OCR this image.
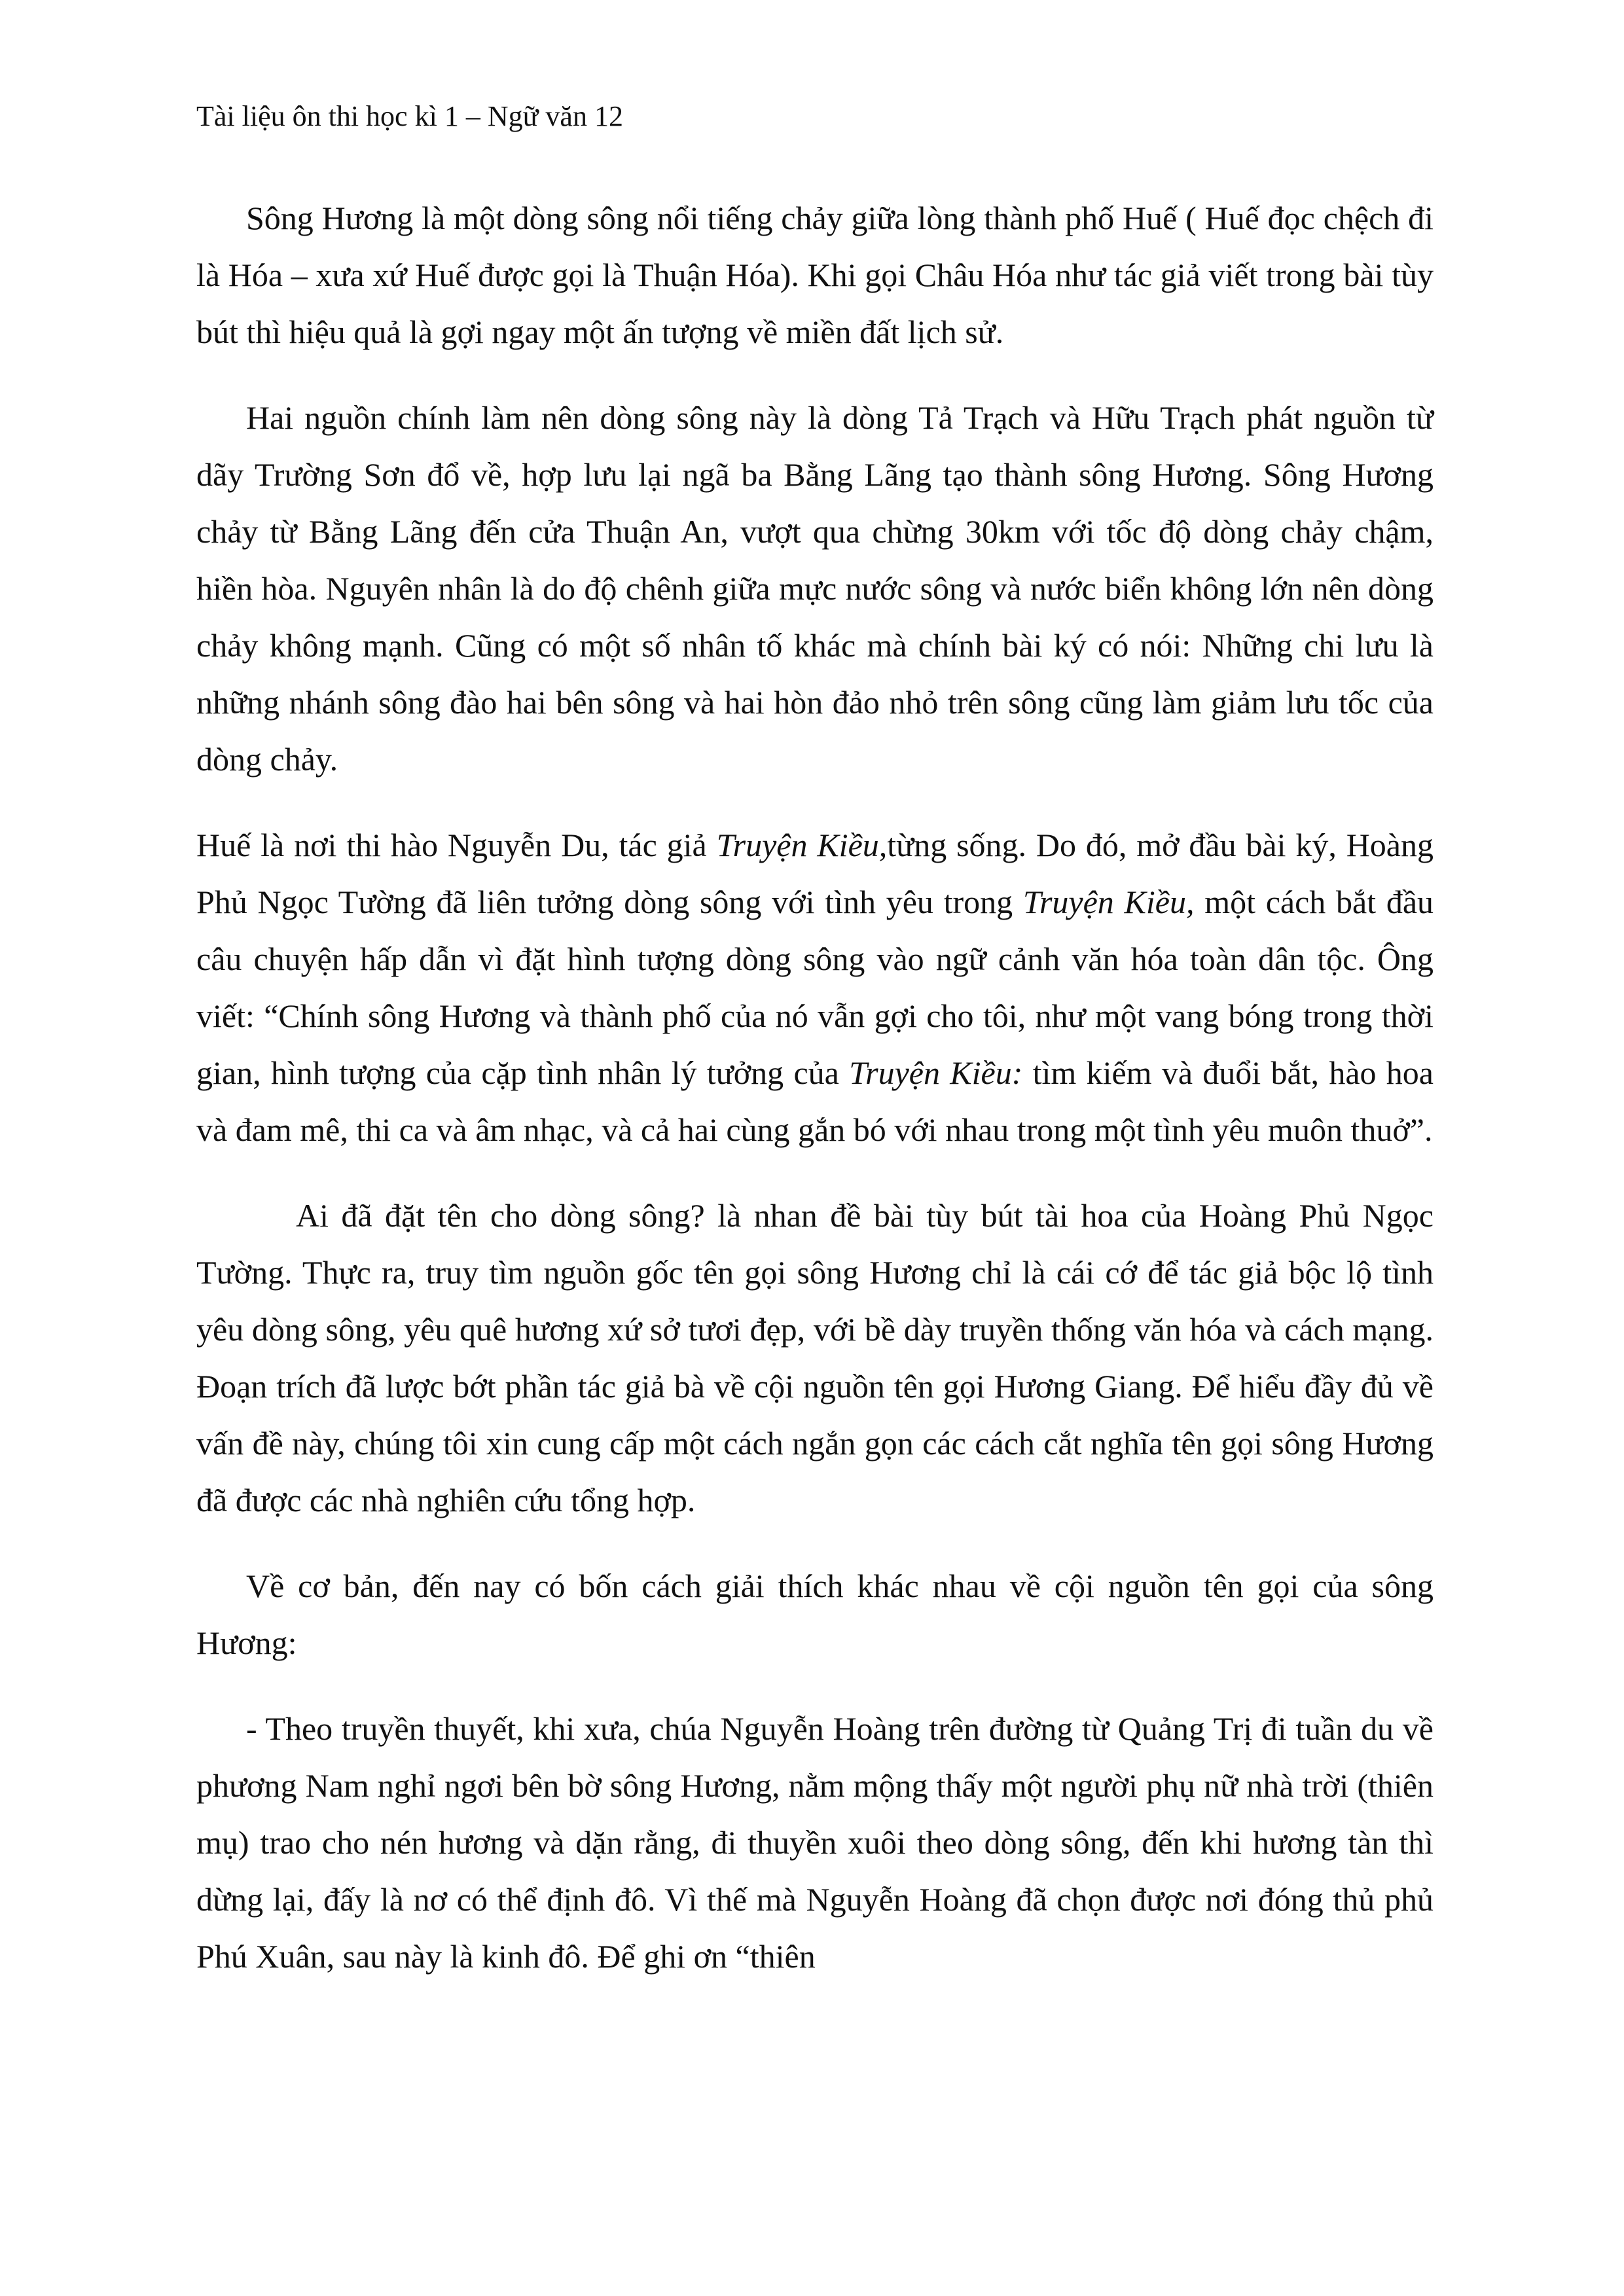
Tài liệu ôn thi học kì 1 – Ngữ văn 12

Sông Hương là một dòng sông nổi tiếng chảy giữa lòng thành phố Huế ( Huế đọc chệch đi là Hóa – xưa xứ Huế được gọi là Thuận Hóa). Khi gọi Châu Hóa như tác giả viết trong bài tùy bút thì hiệu quả là gợi ngay một ấn tượng về miền đất lịch sử.

Hai nguồn chính làm nên dòng sông này là dòng Tả Trạch và Hữu Trạch phát nguồn từ dãy Trường Sơn đổ về, hợp lưu lại ngã ba Bằng Lãng tạo thành sông Hương. Sông Hương chảy từ Bằng Lãng đến cửa Thuận An, vượt qua chừng 30km với tốc độ dòng chảy chậm, hiền hòa. Nguyên nhân là do độ chênh giữa mực nước sông và nước biển không lớn nên dòng chảy không mạnh. Cũng có một số nhân tố khác mà chính bài ký có nói: Những chi lưu là những nhánh sông đào hai bên sông và hai hòn đảo nhỏ trên sông cũng làm giảm lưu tốc của dòng chảy.

Huế là nơi thi hào Nguyễn Du, tác giả Truyện Kiều,từng sống. Do đó, mở đầu bài ký, Hoàng Phủ Ngọc Tường đã liên tưởng dòng sông với tình yêu trong Truyện Kiều, một cách bắt đầu câu chuyện hấp dẫn vì đặt hình tượng dòng sông vào ngữ cảnh văn hóa toàn dân tộc. Ông viết: “Chính sông Hương và thành phố của nó vẫn gợi cho tôi, như một vang bóng trong thời gian, hình tượng của cặp tình nhân lý tưởng của Truyện Kiều: tìm kiếm và đuổi bắt, hào hoa và đam mê, thi ca và âm nhạc, và cả hai cùng gắn bó với nhau trong một tình yêu muôn thuở”.

Ai đã đặt tên cho dòng sông? là nhan đề bài tùy bút tài hoa của Hoàng Phủ Ngọc Tường. Thực ra, truy tìm nguồn gốc tên gọi sông Hương chỉ là cái cớ để tác giả bộc lộ tình yêu dòng sông, yêu quê hương xứ sở tươi đẹp, với bề dày truyền thống văn hóa và cách mạng. Đoạn trích đã lược bớt phần tác giả bà về cội nguồn tên gọi Hương Giang. Để hiểu đầy đủ về vấn đề này, chúng tôi xin cung cấp một cách ngắn gọn các cách cắt nghĩa tên gọi sông Hương đã được các nhà nghiên cứu tổng hợp.

Về cơ bản, đến nay có bốn cách giải thích khác nhau về cội nguồn tên gọi của sông Hương:

- Theo truyền thuyết, khi xưa, chúa Nguyễn Hoàng trên đường từ Quảng Trị đi tuần du về phương Nam nghỉ ngơi bên bờ sông Hương, nằm mộng thấy một người phụ nữ nhà trời (thiên mụ) trao cho nén hương và dặn rằng, đi thuyền xuôi theo dòng sông, đến khi hương tàn thì dừng lại, đấy là nơ có thể định đô. Vì thế mà Nguyễn Hoàng đã chọn được nơi đóng thủ phủ Phú Xuân, sau này là kinh đô. Để ghi ơn “thiên
